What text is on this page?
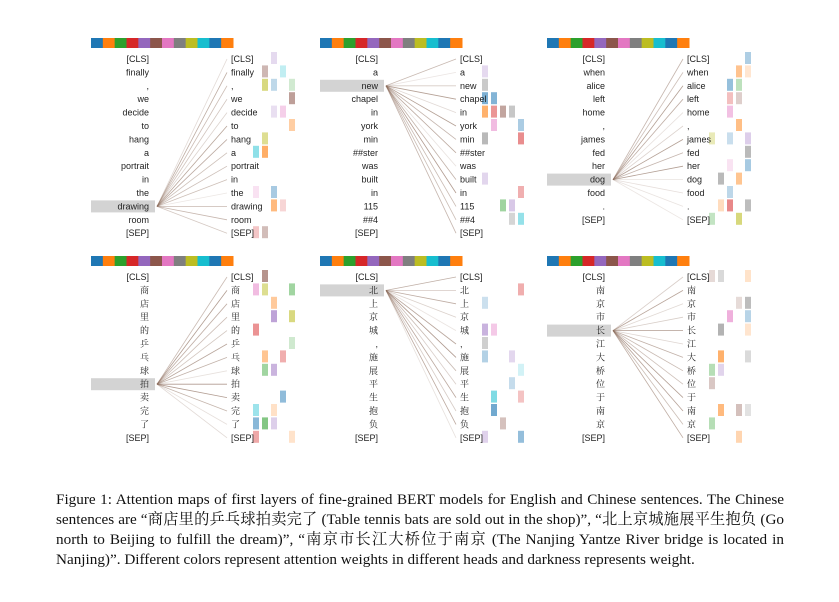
[CLS]	[CLS]
finally	finally
,	,
we	we
decide	decide
to	to
hang	hang
a	a
portrait	portrait
in	in
the	the
drawing	drawing
room	room
[SEP]	[SEP]
[CLS]	[CLS]
a	a
new	new
chapel	chapel
in	in
york	york
min	min
##ster	##ster
was	was
built	built
in	in
115	115
##4	##4
[SEP]	[SEP]
[CLS]	[CLS]
when	when
alice	alice
left	left
home	home
,	,
james	james
fed	fed
her	her
dog	dog
food	food
.	.
[SEP]	[SEP]
[CLS]	[CLS]
商	商
店	店
里	里
的	的
乒	乒
乓	乓
球	球
拍	拍
卖	卖
完	完
了	了
[SEP]	[SEP]
[CLS]	[CLS]
北	北
上	上
京	京
城	城
,	,
施	施
展	展
平	平
生	生
抱	抱
负	负
[SEP]	[SEP]
[CLS]	[CLS]
南	南
京	京
市	市
长	长
江	江
大	大
桥	桥
位	位
于	于
南	南
京	京
[SEP]	[SEP]
Figure 1: Attention maps of first layers of fine-grained BERT models for English and Chinese sentences. The Chinese sentences are “商店里的乒乓球拍卖完了 (Table tennis bats are sold out in the shop)”, “北上京城施展平生抱负 (Go north to Beijing to fulfill the dream)”, “南京市长江大桥位于南京 (The Nanjing Yantze River bridge is located in Nanjing)”. Different colors represent attention weights in different heads and darkness represents weight.
